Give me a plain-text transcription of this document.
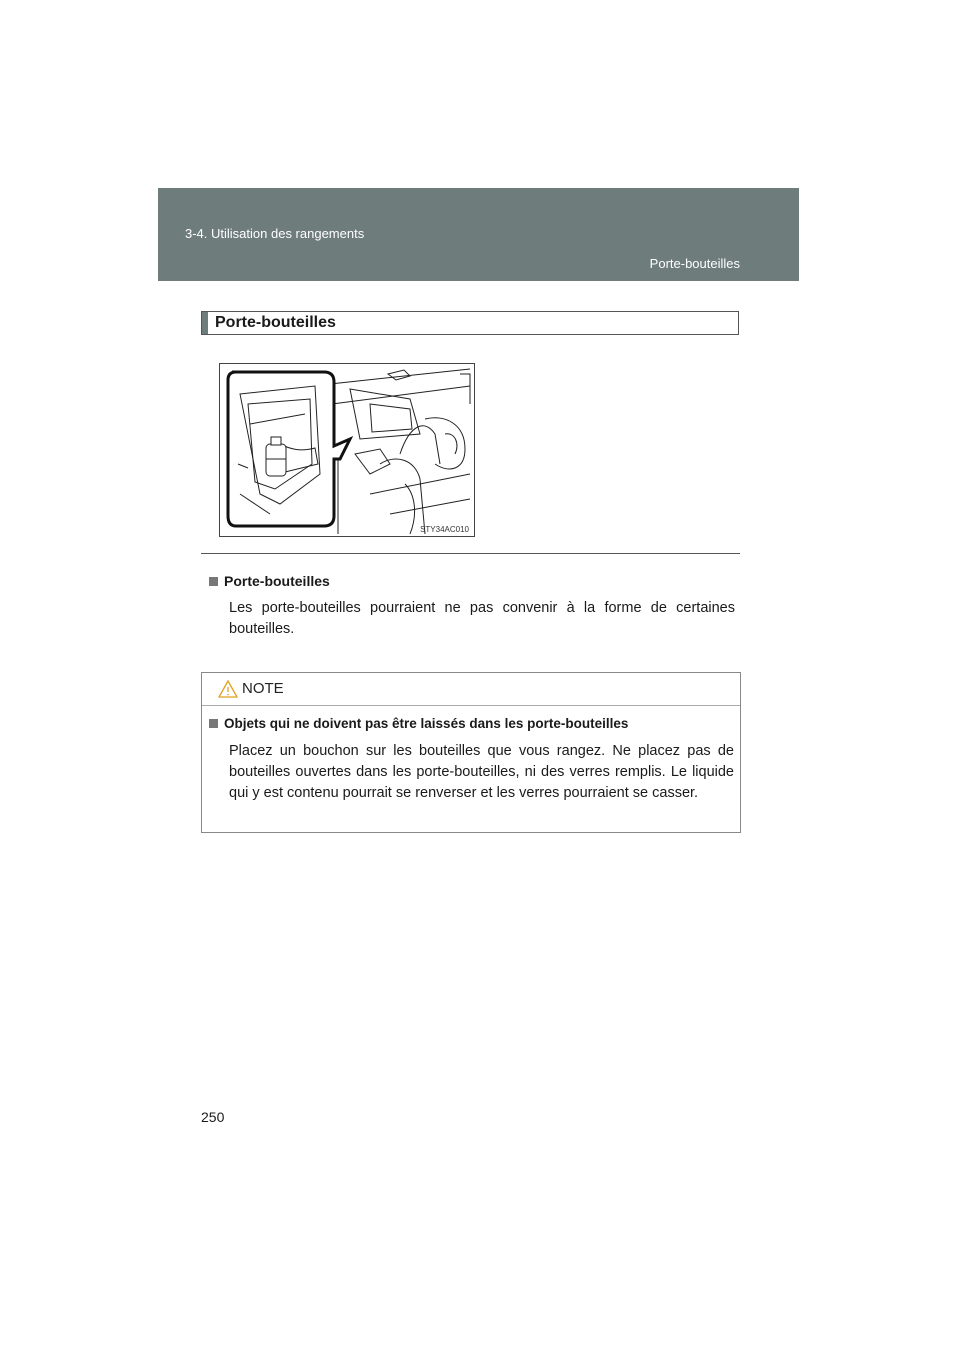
3-4. Utilisation des rangements
Porte-bouteilles
Porte-bouteilles
STY34AC010
Porte-bouteilles
Les porte-bouteilles pourraient ne pas convenir à la forme de certaines bouteilles.
NOTE
Objets qui ne doivent pas être laissés dans les porte-bouteilles
Placez un bouchon sur les bouteilles que vous rangez. Ne placez pas de bouteilles ouvertes dans les porte-bouteilles, ni des verres remplis. Le liquide qui y est contenu pourrait se renverser et les verres pourraient se casser.
250
